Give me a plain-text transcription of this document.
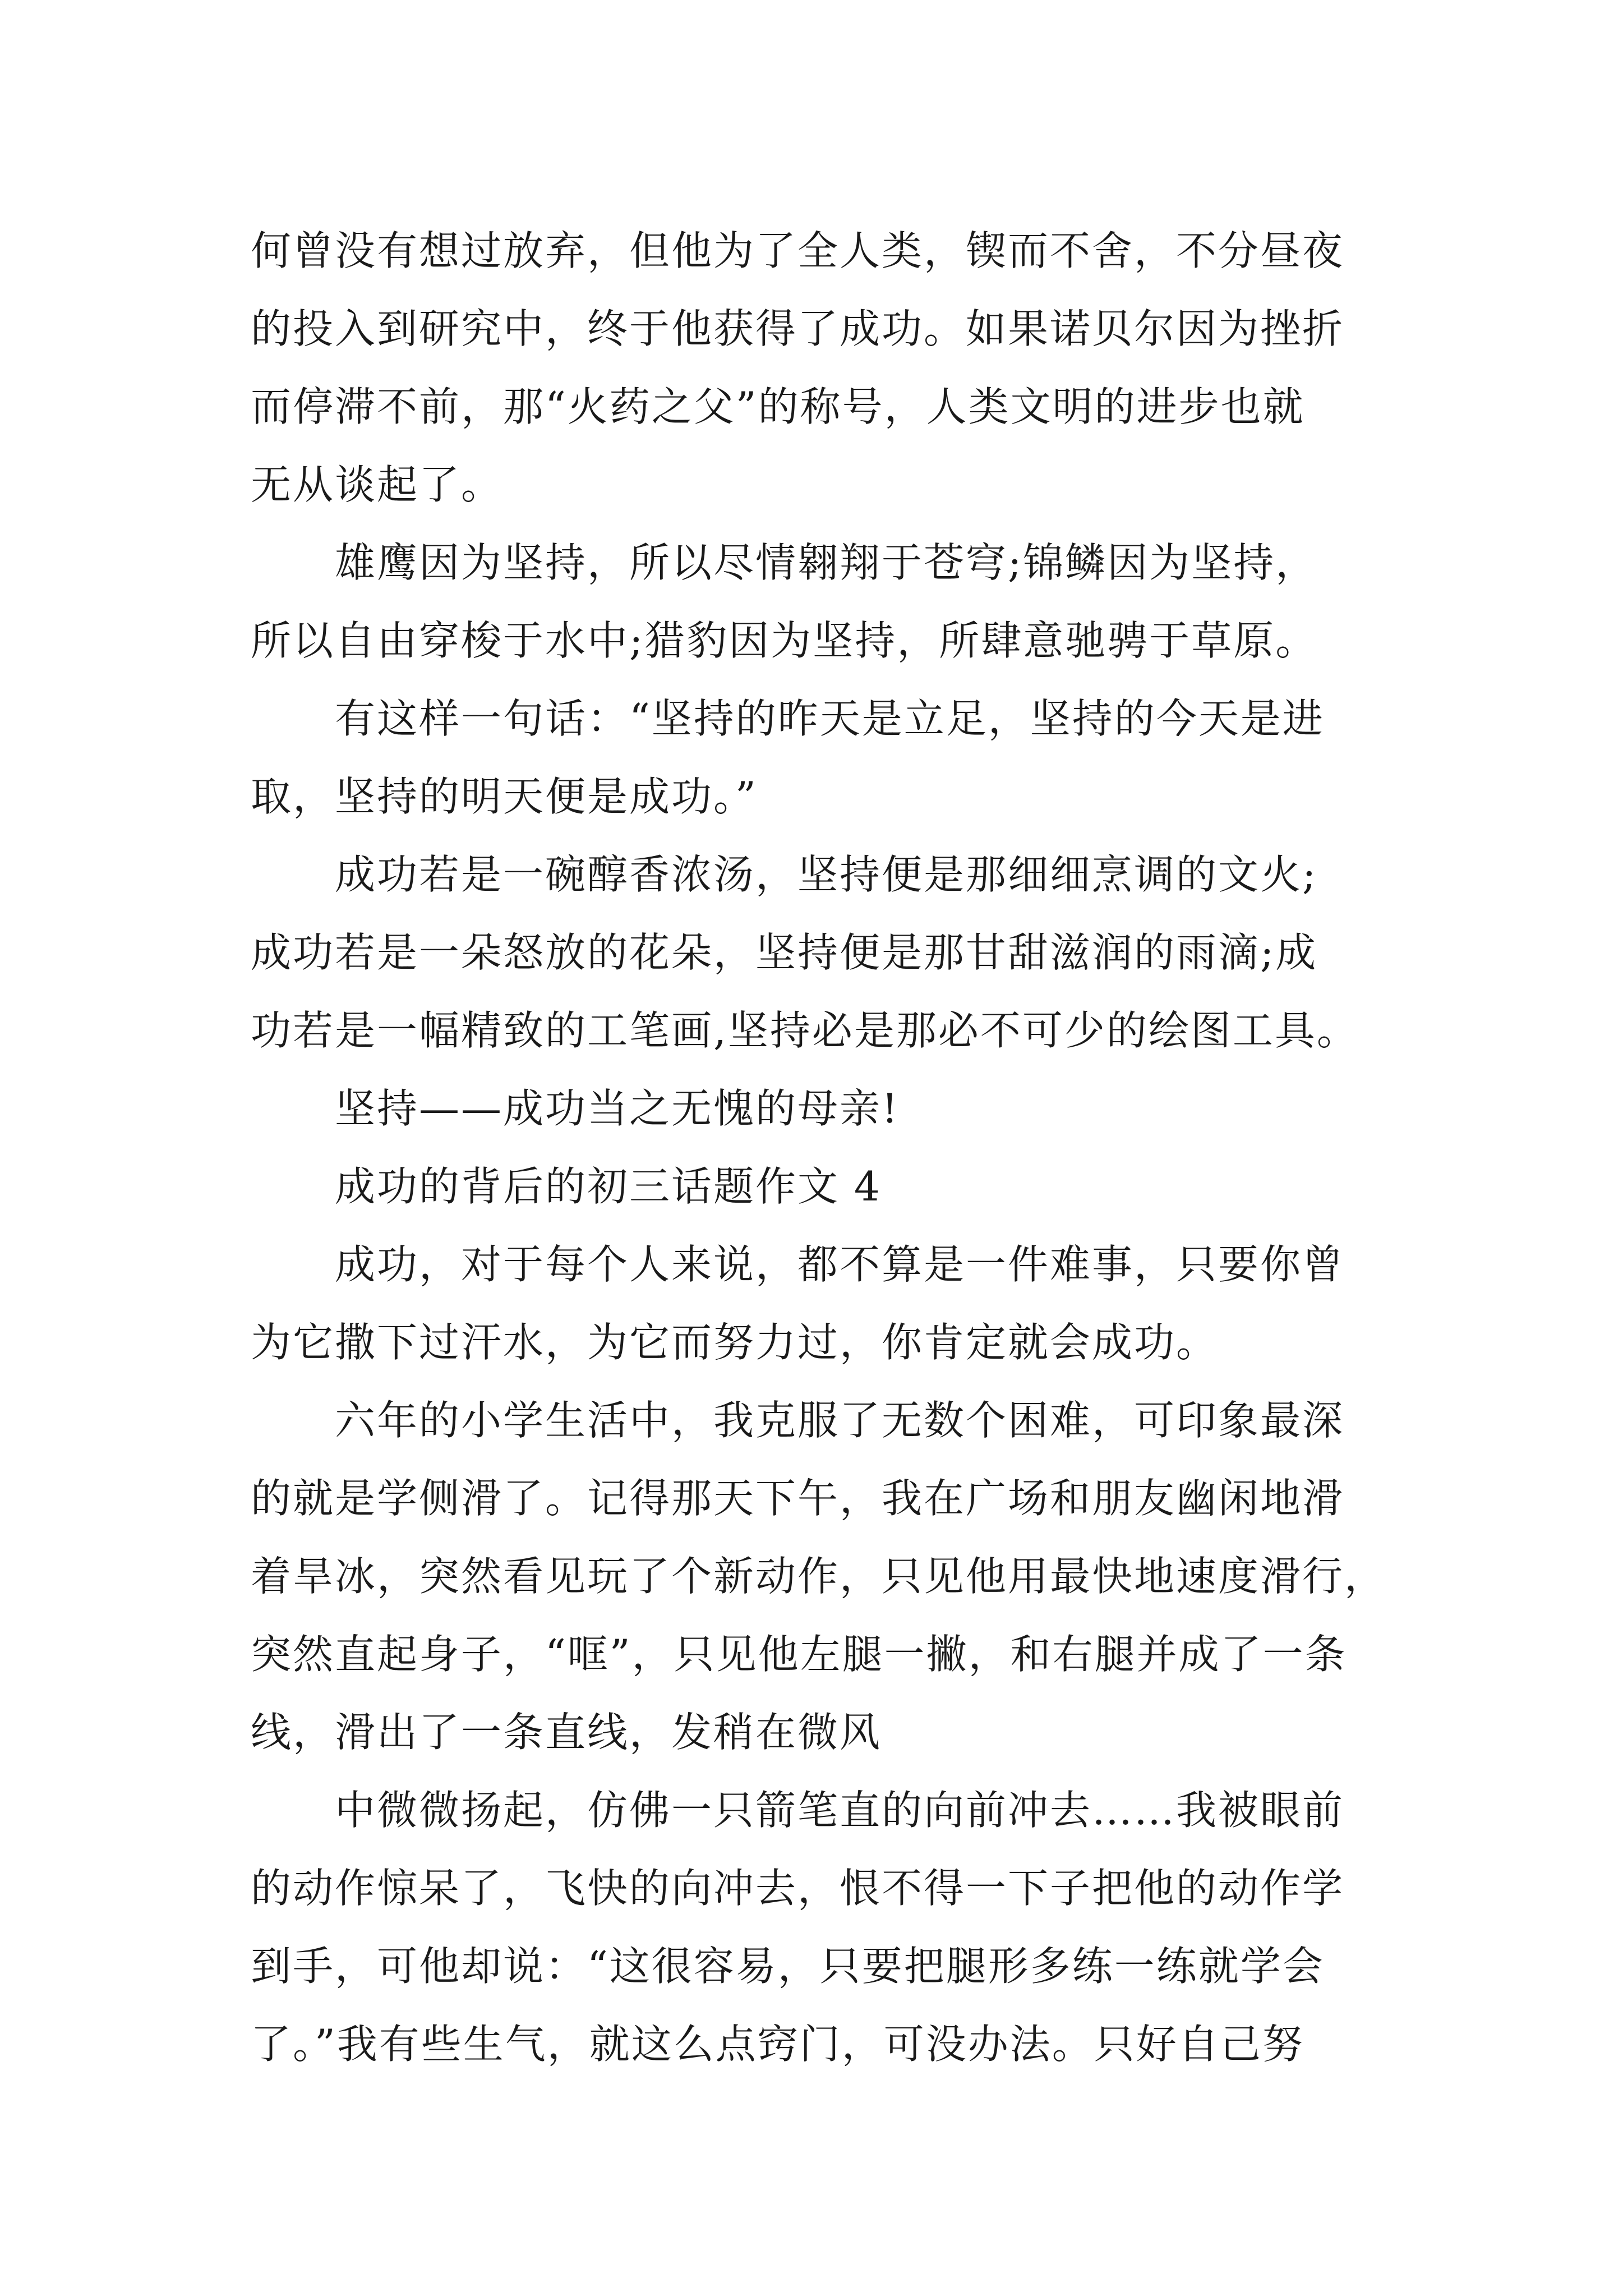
何曾没有想过放弃，但他为了全人类，锲而不舍，不分昼夜
的投入到研究中，终于他获得了成功。如果诺贝尔因为挫折
而停滞不前，那“火药之父”的称号，人类文明的进步也就
无从谈起了。
雄鹰因为坚持，所以尽情翱翔于苍穹;锦鳞因为坚持，
所以自由穿梭于水中;猎豹因为坚持，所肆意驰骋于草原。
有这样一句话：“坚持的昨天是立足，坚持的今天是进
取，坚持的明天便是成功。”
成功若是一碗醇香浓汤，坚持便是那细细烹调的文火;
成功若是一朵怒放的花朵，坚持便是那甘甜滋润的雨滴;成
功若是一幅精致的工笔画,坚持必是那必不可少的绘图工具。
坚持——成功当之无愧的母亲!
成功的背后的初三话题作文 4
成功，对于每个人来说，都不算是一件难事，只要你曾
为它撒下过汗水，为它而努力过，你肯定就会成功。
六年的小学生活中，我克服了无数个困难，可印象最深
的就是学侧滑了。记得那天下午，我在广场和朋友幽闲地滑
着旱冰，突然看见玩了个新动作，只见他用最快地速度滑行，
突然直起身子，“哐”，只见他左腿一撇，和右腿并成了一条
线，滑出了一条直线，发稍在微风
中微微扬起，仿佛一只箭笔直的向前冲去……我被眼前
的动作惊呆了，飞快的向冲去，恨不得一下子把他的动作学
到手，可他却说：“这很容易，只要把腿形多练一练就学会
了。”我有些生气，就这么点窍门，可没办法。只好自己努
